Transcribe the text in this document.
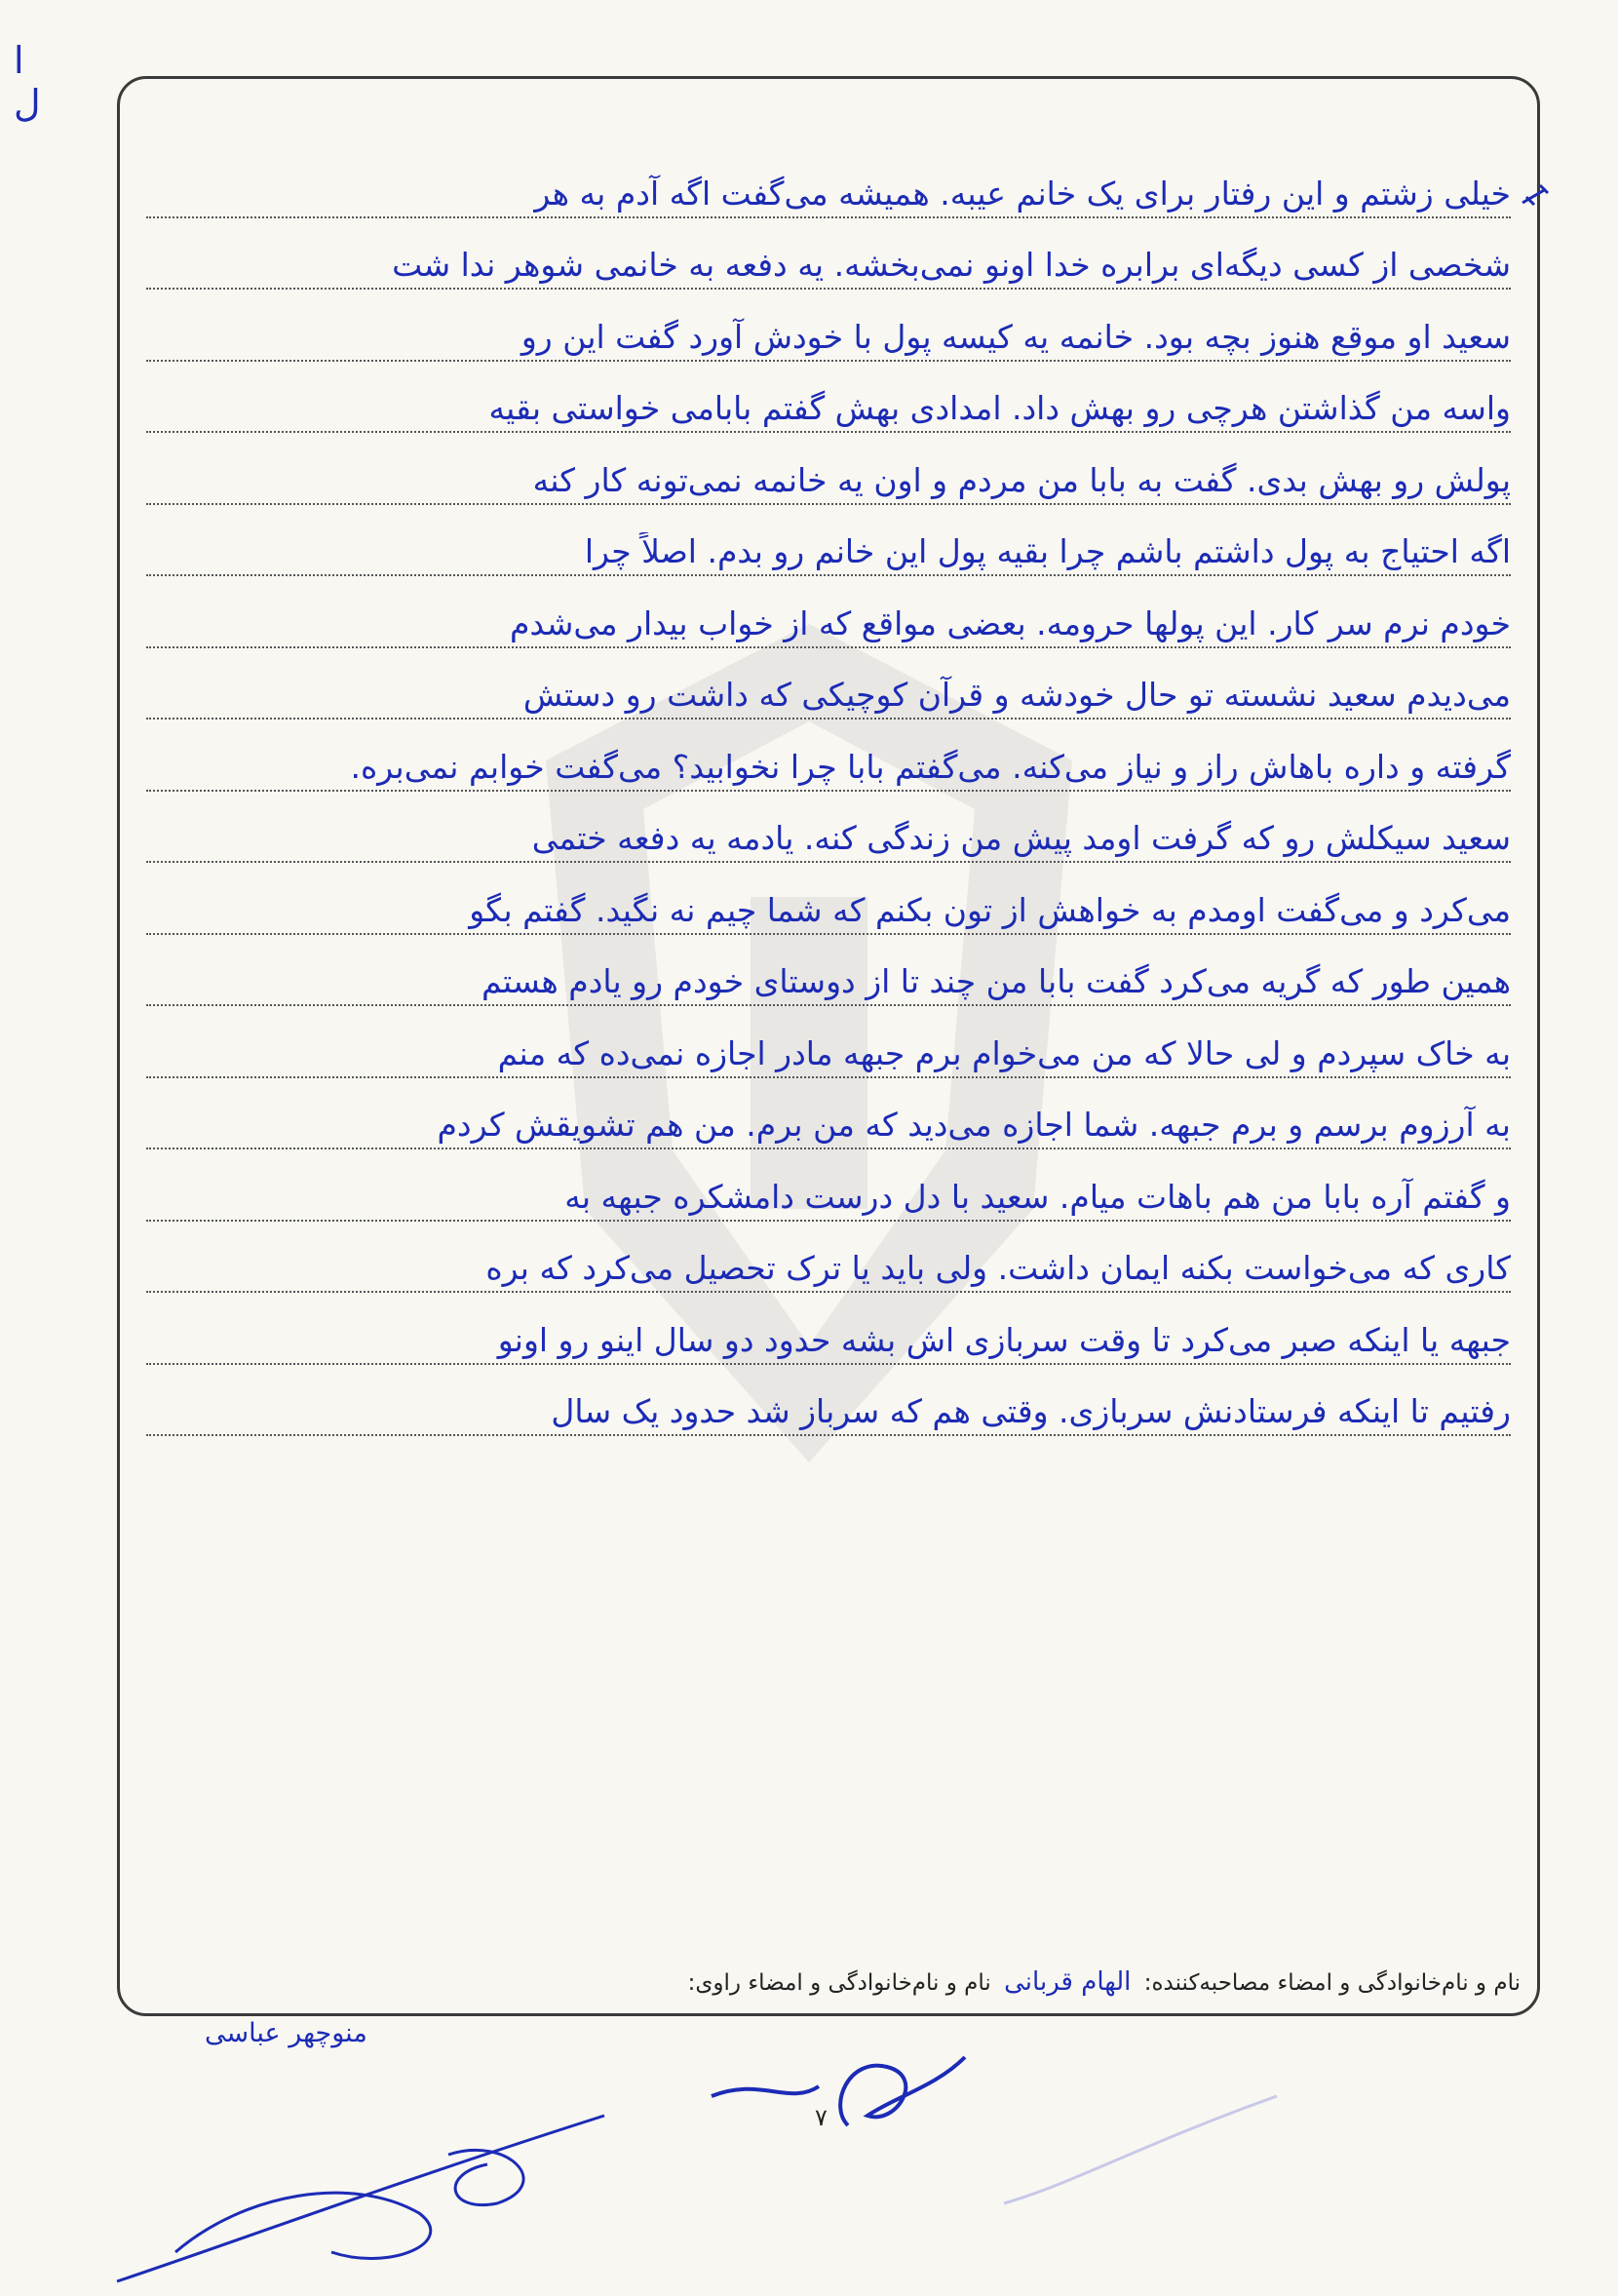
ا
ل
خیلی زشتم و این رفتار برای یک خانم عیبه. همیشه می‌گفت اگه آدم به هر
شخصی از کسی دیگه‌ای برابره خدا اونو نمی‌بخشه. یه دفعه به خانمی شوهر ندا شت
سعید او موقع هنوز بچه بود. خانمه یه کیسه پول با خودش آورد گفت این رو
واسه من گذاشتن هرچی رو بهش داد. امدادی بهش گفتم بابامی خواستی بقیه
پولش رو بهش بدی. گفت به بابا من مردم و اون یه خانمه نمی‌تونه کار کنه
اگه احتیاج به پول داشتم باشم چرا بقیه پول این خانم رو بدم. اصلاً چرا
خودم نرم سر کار. این پولها حرومه. بعضی مواقع که از خواب بیدار می‌شدم
می‌دیدم سعید نشسته تو حال خودشه و قرآن کوچیکی که داشت رو دستش
گرفته و داره باهاش راز و نیاز می‌کنه. می‌گفتم بابا چرا نخوابید؟ می‌گفت خوابم نمی‌بره.
سعید سیکلش رو که گرفت اومد پیش من زندگی کنه. یادمه یه دفعه ختمی
می‌کرد و می‌گفت اومدم به خواهش از تون بکنم که شما چیم نه نگید. گفتم بگو
همین طور که گریه می‌کرد گفت بابا من چند تا از دوستای خودم رو یادم هستم
به خاک سپردم و لی حالا که من می‌خوام برم جبهه مادر اجازه نمی‌ده که منم
به آرزوم برسم و برم جبهه. شما اجازه می‌دید که من برم. من هم تشویقش کردم
و گفتم آره بابا من هم باهات میام. سعید با دل درست دامشکره جبهه به
کاری که می‌خواست بکنه ایمان داشت. ولی باید یا ترک تحصیل می‌کرد که بره
جبهه یا اینکه صبر می‌کرد تا وقت سربازی اش بشه حدود دو سال اینو رو اونو
رفتیم تا اینکه فرستادنش سربازی. وقتی هم که سرباز شد حدود یک سال
نام و نام‌خانوادگی و امضاء مصاحبه‌کننده: الهام قربانی نام و نام‌خانوادگی و امضاء راوی:
منوچهر عباسی
۷
